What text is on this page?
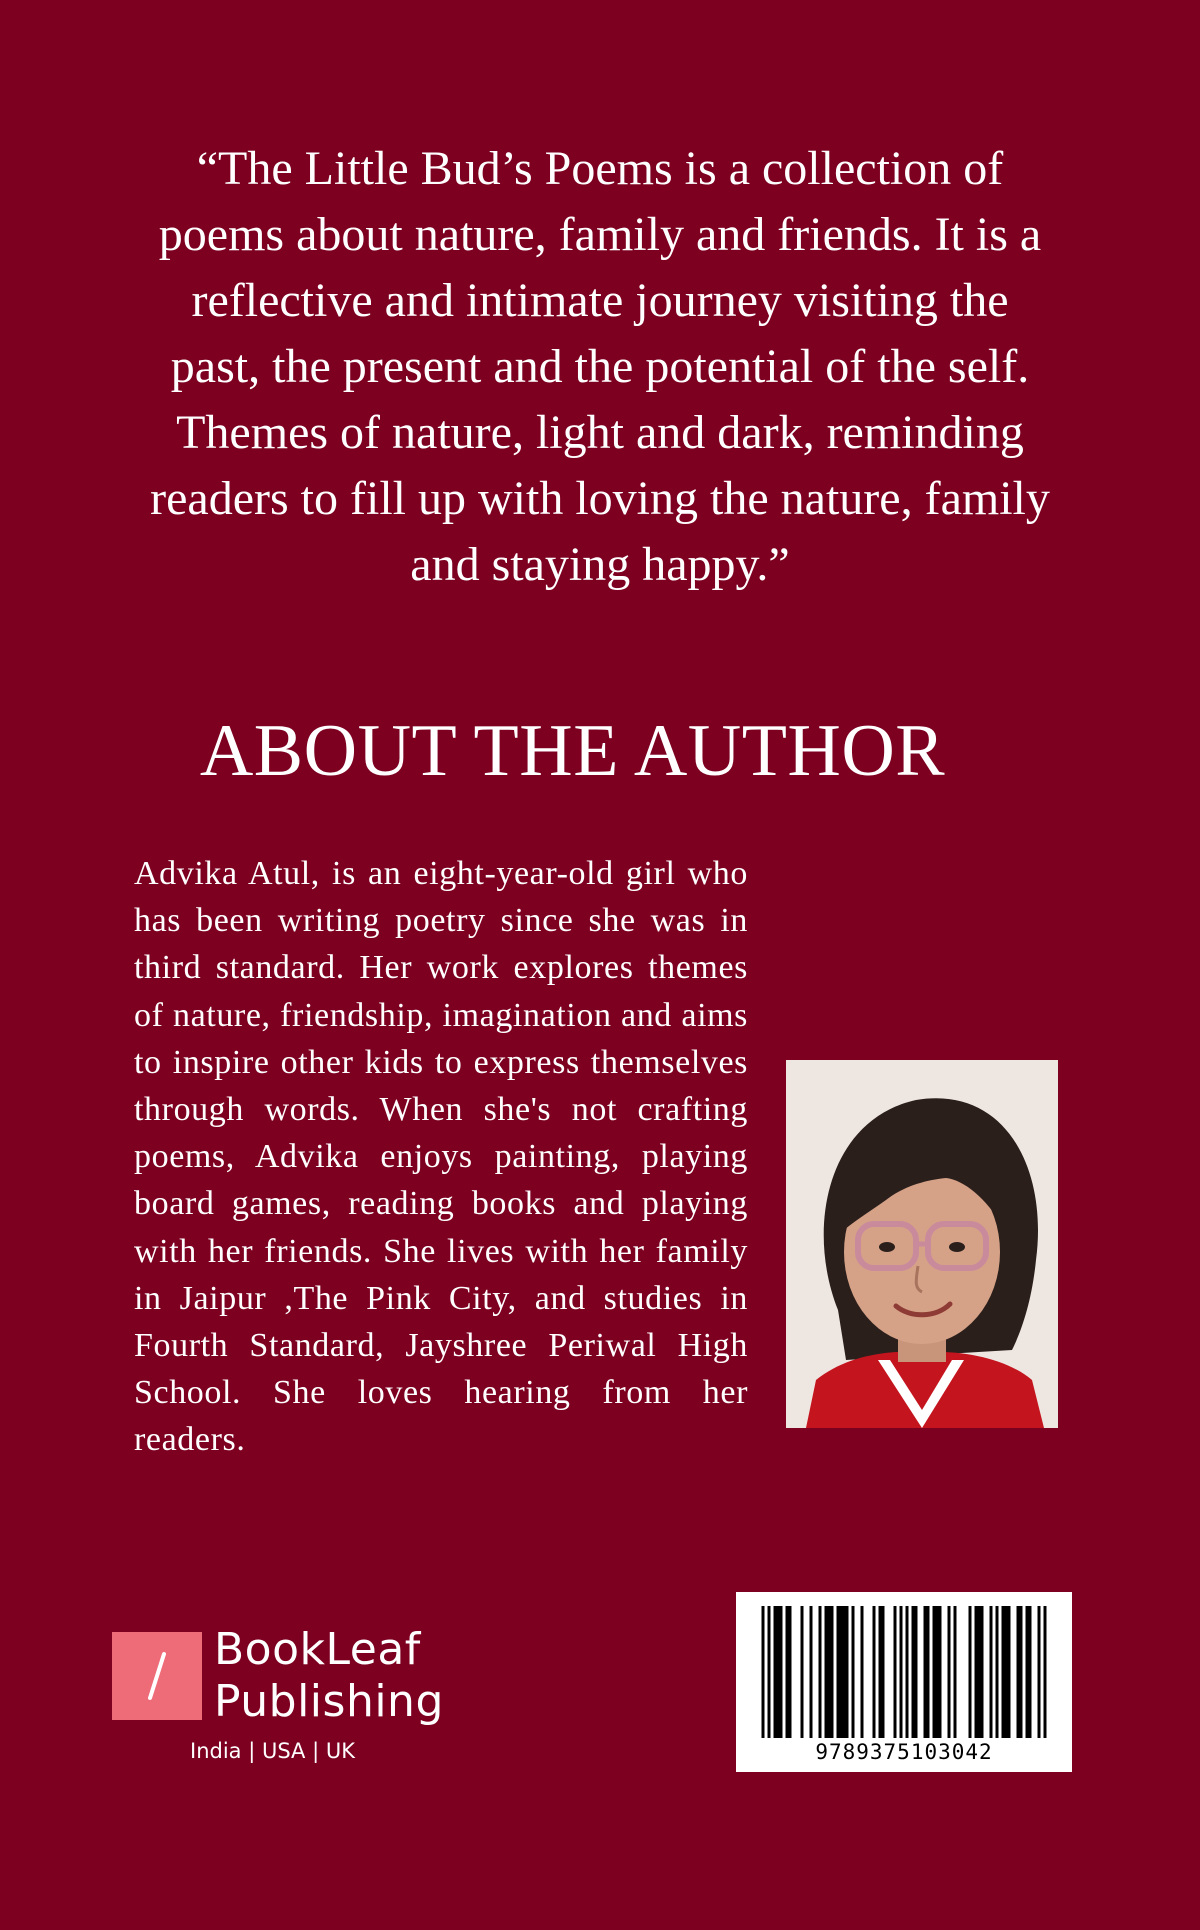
“The Little Bud’s Poems is a collection of
poems about nature, family and friends. It is a
reflective and intimate journey visiting the
past, the present and the potential of the self.
Themes of nature, light and dark, reminding
readers to fill up with loving the nature, family
and staying happy.”

ABOUT THE AUTHOR

Advika Atul, is an eight-year-old girl who has been writing poetry since she was in third standard. Her work explores themes of nature, friendship, imagination and aims to inspire other kids to express themselves through words. When she's not crafting poems, Advika enjoys painting, playing board games, reading books and playing with her friends. She lives with her family in Jaipur ,The Pink City, and studies in Fourth Standard, Jayshree Periwal High School. She loves hearing from her readers.

BookLeaf
Publishing
India | USA | UK	9789375103042
